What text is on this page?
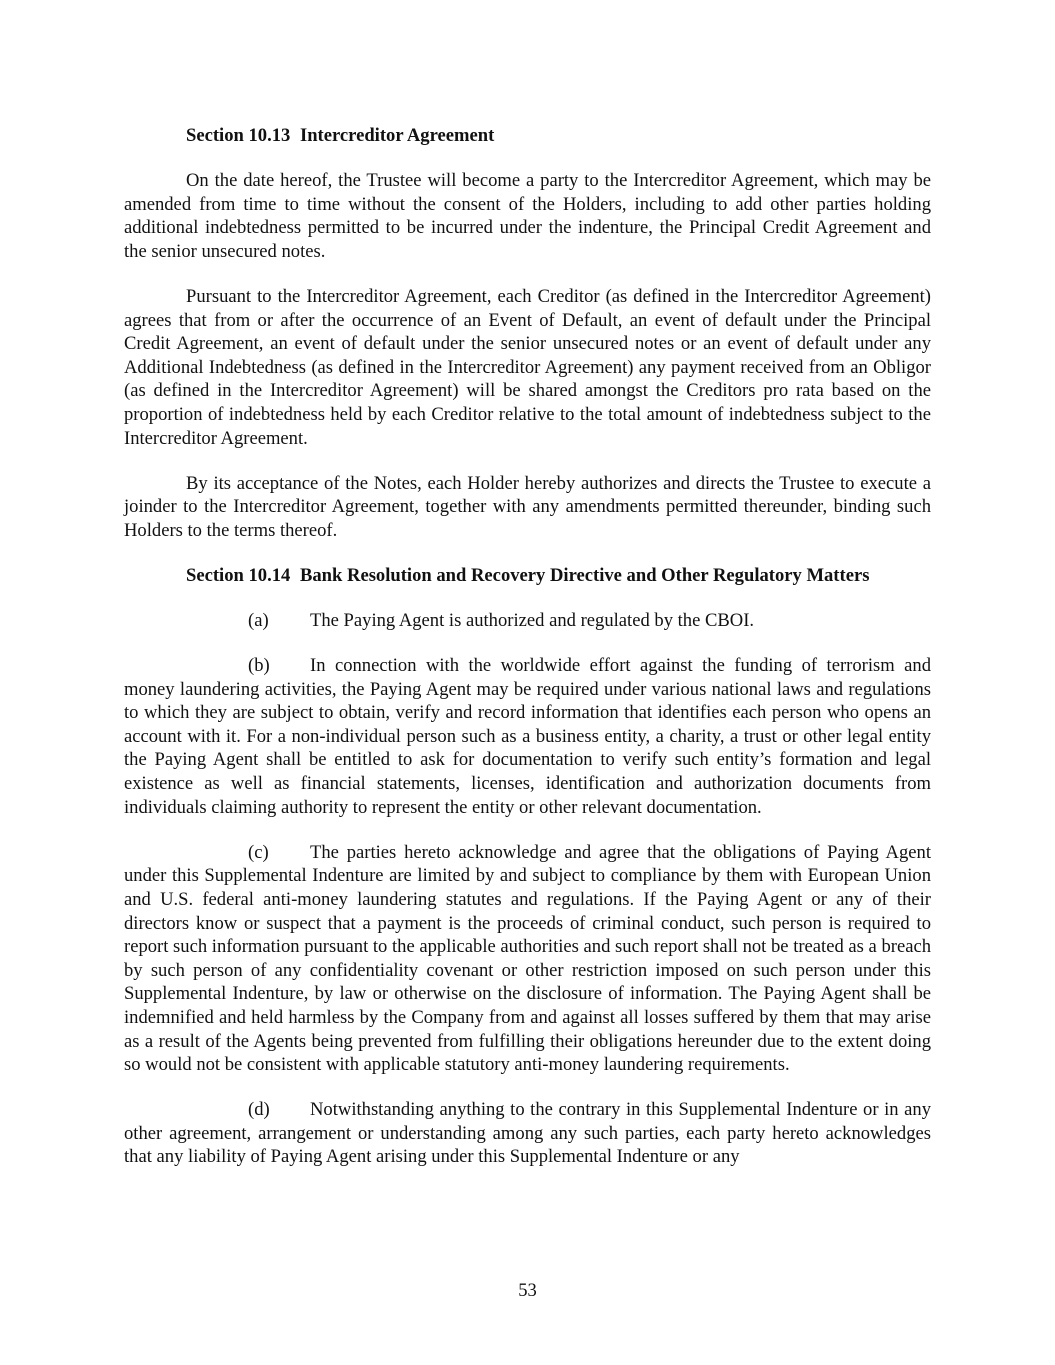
Section 10.13 Intercreditor Agreement

On the date hereof, the Trustee will become a party to the Intercreditor Agreement, which may be amended from time to time without the consent of the Holders, including to add other parties holding additional indebtedness permitted to be incurred under the indenture, the Principal Credit Agreement and the senior unsecured notes.

Pursuant to the Intercreditor Agreement, each Creditor (as defined in the Intercreditor Agreement) agrees that from or after the occurrence of an Event of Default, an event of default under the Principal Credit Agreement, an event of default under the senior unsecured notes or an event of default under any Additional Indebtedness (as defined in the Intercreditor Agreement) any payment received from an Obligor (as defined in the Intercreditor Agreement) will be shared amongst the Creditors pro rata based on the proportion of indebtedness held by each Creditor relative to the total amount of indebtedness subject to the Intercreditor Agreement.

By its acceptance of the Notes, each Holder hereby authorizes and directs the Trustee to execute a joinder to the Intercreditor Agreement, together with any amendments permitted thereunder, binding such Holders to the terms thereof.

Section 10.14 Bank Resolution and Recovery Directive and Other Regulatory Matters

(a) The Paying Agent is authorized and regulated by the CBOI.

(b) In connection with the worldwide effort against the funding of terrorism and money laundering activities, the Paying Agent may be required under various national laws and regulations to which they are subject to obtain, verify and record information that identifies each person who opens an account with it. For a non-individual person such as a business entity, a charity, a trust or other legal entity the Paying Agent shall be entitled to ask for documentation to verify such entity’s formation and legal existence as well as financial statements, licenses, identification and authorization documents from individuals claiming authority to represent the entity or other relevant documentation.

(c) The parties hereto acknowledge and agree that the obligations of Paying Agent under this Supplemental Indenture are limited by and subject to compliance by them with European Union and U.S. federal anti-money laundering statutes and regulations. If the Paying Agent or any of their directors know or suspect that a payment is the proceeds of criminal conduct, such person is required to report such information pursuant to the applicable authorities and such report shall not be treated as a breach by such person of any confidentiality covenant or other restriction imposed on such person under this Supplemental Indenture, by law or otherwise on the disclosure of information. The Paying Agent shall be indemnified and held harmless by the Company from and against all losses suffered by them that may arise as a result of the Agents being prevented from fulfilling their obligations hereunder due to the extent doing so would not be consistent with applicable statutory anti-money laundering requirements.

(d) Notwithstanding anything to the contrary in this Supplemental Indenture or in any other agreement, arrangement or understanding among any such parties, each party hereto acknowledges that any liability of Paying Agent arising under this Supplemental Indenture or any

53
